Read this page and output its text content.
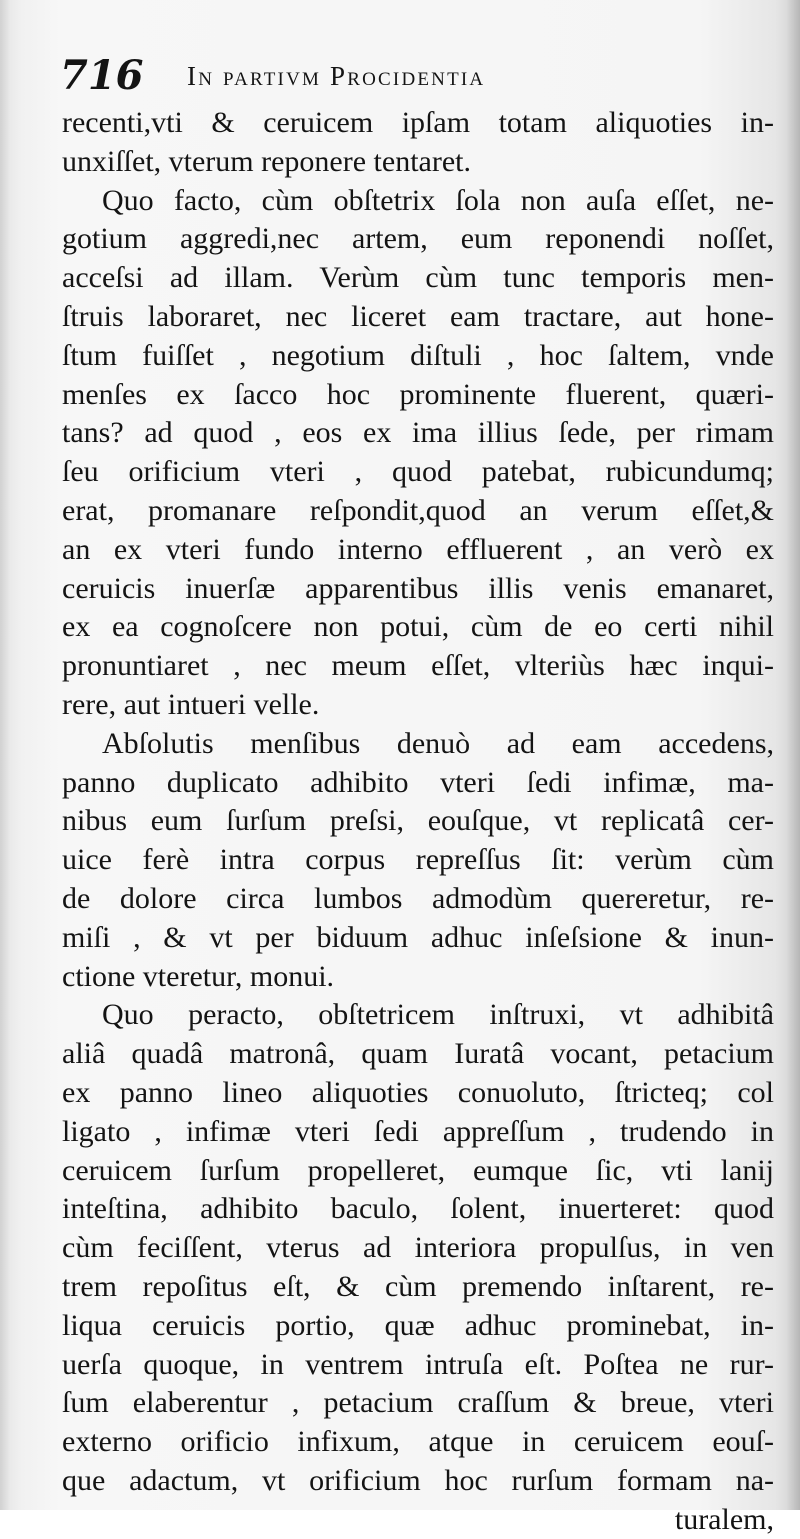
716 In partivm Procidentia
recenti,vti & ceruicem ipſam totam aliquoties in-
unxiſſet, vterum reponere tentaret.
Quo facto, cùm obſtetrix ſola non auſa eſſet, ne-
gotium aggredi,nec artem, eum reponendi noſſet,
acceſsi ad illam. Verùm cùm tunc temporis men-
ſtruis laboraret, nec liceret eam tractare, aut hone-
ſtum fuiſſet , negotium diſtuli , hoc ſaltem, vnde
menſes ex ſacco hoc prominente fluerent, quæri-
tans? ad quod , eos ex ima illius ſede, per rimam
ſeu orificium vteri , quod patebat, rubicundumq;
erat, promanare reſpondit,quod an verum eſſet,&
an ex vteri fundo interno effluerent , an verò ex
ceruicis inuerſæ apparentibus illis venis emanaret,
ex ea cognoſcere non potui, cùm de eo certi nihil
pronuntiaret , nec meum eſſet, vlteriùs hæc inqui-
rere, aut intueri velle.
Abſolutis menſibus denuò ad eam accedens,
panno duplicato adhibito vteri ſedi infimæ, ma-
nibus eum ſurſum preſsi, eouſque, vt replicatâ cer-
uice ferè intra corpus repreſſus ſit: verùm cùm
de dolore circa lumbos admodùm quereretur, re-
miſi , & vt per biduum adhuc inſeſsione & inun-
ctione vteretur, monui.
Quo peracto, obſtetricem inſtruxi, vt adhibitâ
aliâ quadâ matronâ, quam Iuratâ vocant, petacium
ex panno lineo aliquoties conuoluto, ſtricteq; col
ligato , infimæ vteri ſedi appreſſum , trudendo in
ceruicem ſurſum propelleret, eumque ſic, vti lanij
inteſtina, adhibito baculo, ſolent, inuerteret: quod
cùm feciſſent, vterus ad interiora propulſus, in ven
trem repoſitus eſt, & cùm premendo inſtarent, re-
liqua ceruicis portio, quæ adhuc prominebat, in-
uerſa quoque, in ventrem intruſa eſt. Poſtea ne rur-
ſum elaberentur , petacium craſſum & breue, vteri
externo orificio infixum, atque in ceruicem eouſ-
que adactum, vt orificium hoc rurſum formam na-
turalem,
